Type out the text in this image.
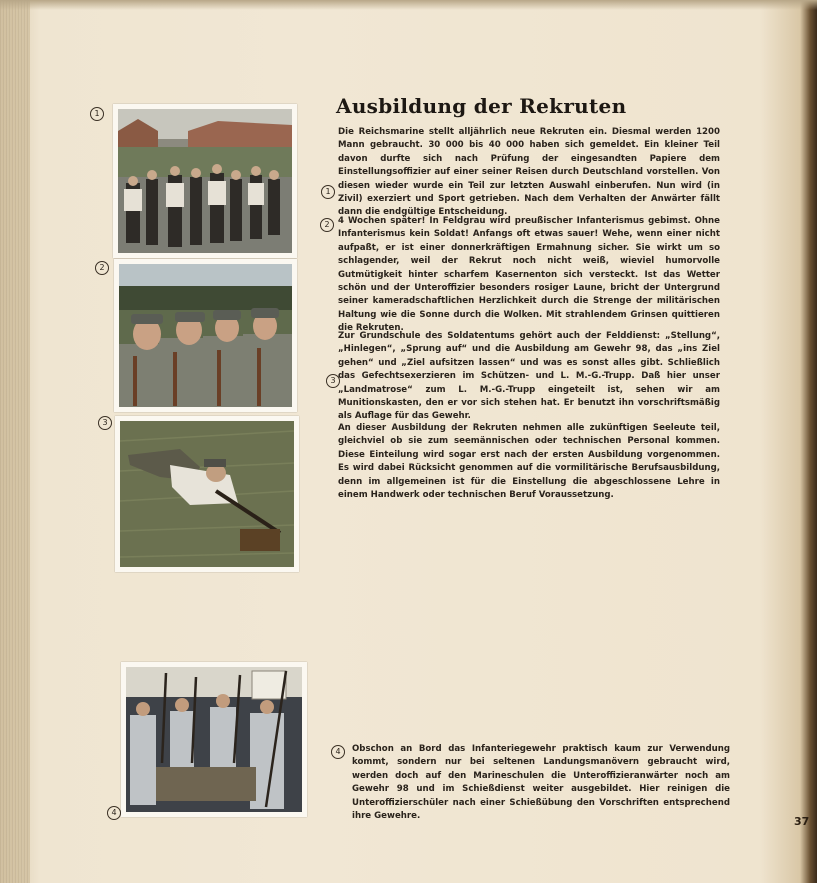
1
2
3
4
Ausbildung der Rekruten
1
2
3
4

Die Reichsmarine stellt alljährlich neue Rekruten ein. Diesmal werden 1200 Mann gebraucht. 30 000 bis 40 000 haben sich gemeldet. Ein kleiner Teil davon durfte sich nach Prüfung der eingesandten Papiere dem Einstellungsoffizier auf einer seiner Reisen durch Deutschland vorstellen. Von diesen wieder wurde ein Teil zur letzten Auswahl einberufen. Nun wird (in Zivil) exerziert und Sport getrieben. Nach dem Verhalten der Anwärter fällt dann die endgültige Entscheidung.

4 Wochen später! In Feldgrau wird preußischer Infanterismus gebimst. Ohne Infanterismus kein Soldat! Anfangs oft etwas sauer! Wehe, wenn einer nicht aufpaßt, er ist einer donnerkräftigen Ermahnung sicher. Sie wirkt um so schlagender, weil der Rekrut noch nicht weiß, wieviel humorvolle Gutmütigkeit hinter scharfem Kasernenton sich versteckt. Ist das Wetter schön und der Unteroffizier besonders rosiger Laune, bricht der Untergrund seiner kameradschaftlichen Herzlichkeit durch die Strenge der militärischen Haltung wie die Sonne durch die Wolken. Mit strahlendem Grinsen quittieren die Rekruten.

Zur Grundschule des Soldatentums gehört auch der Felddienst: „Stellung“, „Hinlegen“, „Sprung auf“ und die Ausbildung am Gewehr 98, das „ins Ziel gehen“ und „Ziel aufsitzen lassen“ und was es sonst alles gibt. Schließlich das Gefechtsexerzieren im Schützen- und L. M.-G.-Trupp. Daß hier unser „Landmatrose“ zum L. M.-G.-Trupp eingeteilt ist, sehen wir am Munitionskasten, den er vor sich stehen hat. Er benutzt ihn vorschriftsmäßig als Auflage für das Gewehr.

An dieser Ausbildung der Rekruten nehmen alle zukünftigen Seeleute teil, gleichviel ob sie zum seemännischen oder technischen Personal kommen. Diese Einteilung wird sogar erst nach der ersten Ausbildung vorgenommen. Es wird dabei Rücksicht genommen auf die vormilitärische Berufsausbildung, denn im allgemeinen ist für die Einstellung die abgeschlossene Lehre in einem Handwerk oder technischen Beruf Voraussetzung.

Obschon an Bord das Infanteriegewehr praktisch kaum zur Verwendung kommt, sondern nur bei seltenen Landungsmanövern gebraucht wird, werden doch auf den Marineschulen die Unteroffizieranwärter noch am Gewehr 98 und im Schießdienst weiter ausgebildet. Hier reinigen die Unteroffizierschüler nach einer Schießübung den Vorschriften entsprechend ihre Gewehre.	37
